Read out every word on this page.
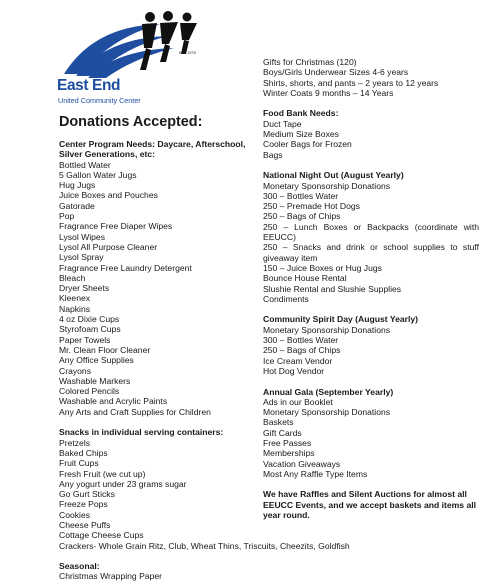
Est. 1975
East End
United Community Center
Donations Accepted:
Center Program Needs: Daycare, Afterschool, Silver Generations, etc:
Bottled Water
5 Gallon Water Jugs
Hug Jugs
Juice Boxes and Pouches
Gatorade
Pop
Fragrance Free Diaper Wipes
Lysol Wipes
Lysol All Purpose Cleaner
Lysol Spray
Fragrance Free Laundry Detergent
Bleach
Dryer Sheets
Kleenex
Napkins
4 oz Dixie Cups
Styrofoam Cups
Paper Towels
Mr. Clean Floor Cleaner
Any Office Supplies
Crayons
Washable Markers
Colored Pencils
Washable and Acrylic Paints
Any Arts and Craft Supplies for Children
Snacks in individual serving containers:
Pretzels
Baked Chips
Fruit Cups
Fresh Fruit (we cut up)
Any yogurt under 23 grams sugar
Go Gurt Sticks
Freeze Pops
Cookies
Cheese Puffs
Cottage Cheese Cups
Crackers- Whole Grain Ritz, Club, Wheat Thins, Triscuits, Cheezits, Goldfish
Seasonal:
Christmas Wrapping Paper
Gifts for Christmas (120)
Boys/Girls Underwear Sizes 4-6 years
Shirts, shorts, and pants – 2 years to 12 years
Winter Coats 9 months – 14 Years
Food Bank Needs:
Duct Tape
Medium Size Boxes
Cooler Bags for Frozen
Bags
National Night Out (August Yearly)
Monetary Sponsorship Donations
300 – Bottles Water
250 – Premade Hot Dogs
250 – Bags of Chips
250 – Lunch Boxes or Backpacks (coordinate with EEUCC)
250 – Snacks and drink or school supplies to stuff giveaway item
150 – Juice Boxes or Hug Jugs
Bounce House Rental
Slushie Rental and Slushie Supplies
Condiments
Community Spirit Day (August Yearly)
Monetary Sponsorship Donations
300 – Bottles Water
250 – Bags of Chips
Ice Cream Vendor
Hot Dog Vendor
Annual Gala (September Yearly)
Ads in our Booklet
Monetary Sponsorship Donations
Baskets
Gift Cards
Free Passes
Memberships
Vacation Giveaways
Most Any Raffle Type Items
We have Raffles and Silent Auctions for almost all EEUCC Events, and we accept baskets and items all year round.
